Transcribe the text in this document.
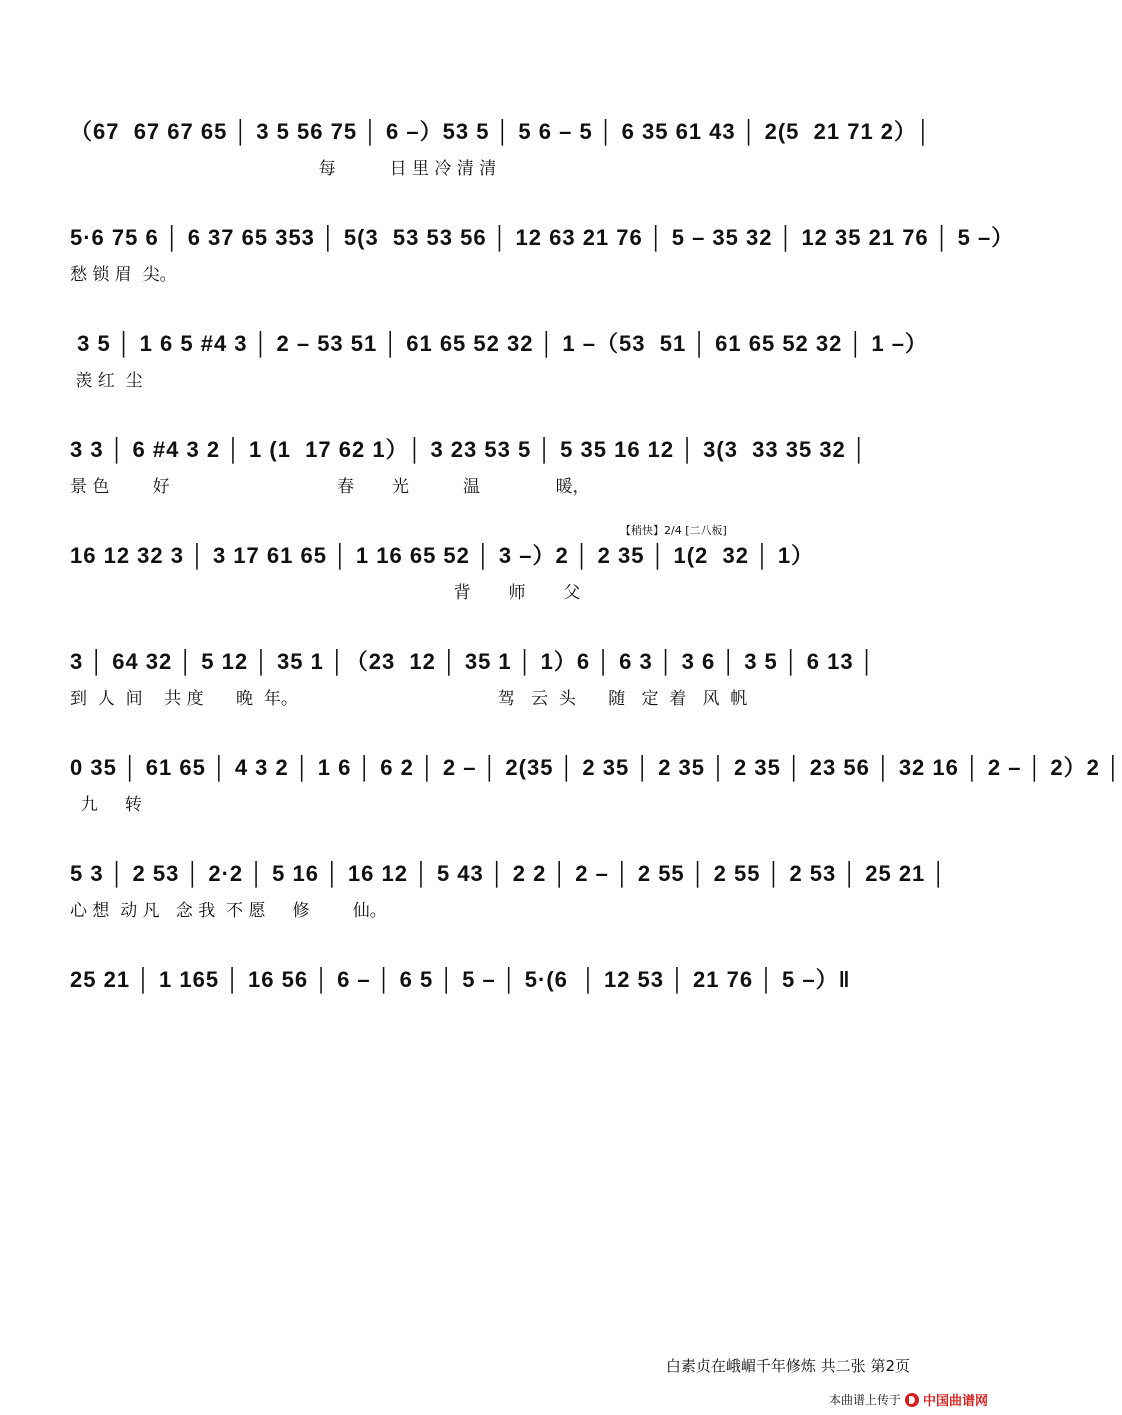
（67  67 67 65 │ 3 5 56 75 │ 6 –）53 5 │ 5 6 – 5 │ 6 35 61 43 │ 2(5  21 71 2）│
每          日 里 冷 清 清
5·6 75 6 │ 6 37 65 353 │ 5(3  53 53 56 │ 12 63 21 76 │ 5 – 35 32 │ 12 35 21 76 │ 5 –）
愁 锁 眉  尖。
3 5 │ 1 6 5 #4 3 │ 2 – 53 51 │ 61 65 52 32 │ 1 –（53  51 │ 61 65 52 32 │ 1 –）
羡 红  尘
3 3 │ 6 #4 3 2 │ 1 (1  17 62 1）│ 3 23 53 5 │ 5 35 16 12 │ 3(3  33 35 32 │
景 色        好                               春       光          温              暖，
【稍快】2/4 [二八板]
16 12 32 3 │ 3 17 61 65 │ 1 16 65 52 │ 3 –）2 │ 2 35 │ 1(2  32 │ 1）
背       师       父
3 │ 64 32 │ 5 12 │ 35 1 │（23  12 │ 35 1 │ 1）6 │ 6 3 │ 3 6 │ 3 5 │ 6 13 │
到  人  间    共 度      晚  年。                                     驾   云  头      随   定  着   风  帆
0 35 │ 61 65 │ 4 3 2 │ 1 6 │ 6 2 │ 2 – │ 2(35 │ 2 35 │ 2 35 │ 2 35 │ 23 56 │ 32 16 │ 2 – │ 2）2 │
九     转
5 3 │ 2 53 │ 2·2 │ 5 16 │ 16 12 │ 5 43 │ 2 2 │ 2 – │ 2 55 │ 2 55 │ 2 53 │ 25 21 │
心 想  动 凡   念 我  不 愿     修        仙。
25 21 │ 1 165 │ 16 56 │ 6 – │ 6 5 │ 5 – │ 5·(6  │ 12 53 │ 21 76 │ 5 –）‖
白素贞在峨嵋千年修炼 共二张 第2页
本曲谱上传于 中国曲谱网
